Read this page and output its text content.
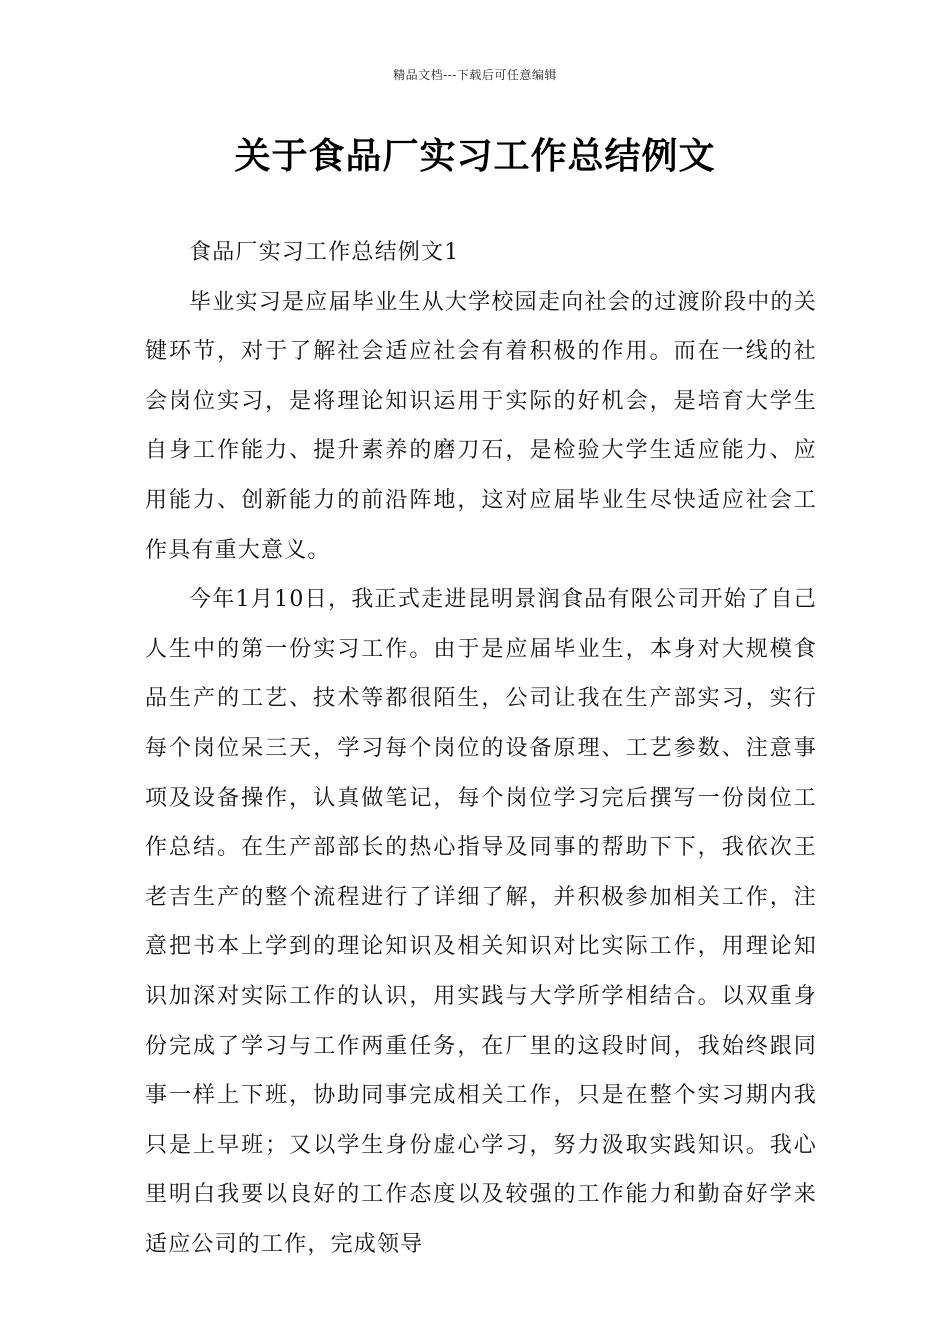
精品文档---下载后可任意编辑
关于食品厂实习工作总结例文

食品厂实习工作总结例文1

毕业实习是应届毕业生从大学校园走向社会的过渡阶段中的关键环节，对于了解社会适应社会有着积极的作用。而在一线的社会岗位实习，是将理论知识运用于实际的好机会，是培育大学生自身工作能力、提升素养的磨刀石，是检验大学生适应能力、应用能力、创新能力的前沿阵地，这对应届毕业生尽快适应社会工作具有重大意义。

今年1月10日，我正式走进昆明景润食品有限公司开始了自己人生中的第一份实习工作。由于是应届毕业生，本身对大规模食品生产的工艺、技术等都很陌生，公司让我在生产部实习，实行每个岗位呆三天，学习每个岗位的设备原理、工艺参数、注意事项及设备操作，认真做笔记，每个岗位学习完后撰写一份岗位工作总结。在生产部部长的热心指导及同事的帮助下下，我依次王老吉生产的整个流程进行了详细了解，并积极参加相关工作，注意把书本上学到的理论知识及相关知识对比实际工作，用理论知识加深对实际工作的认识，用实践与大学所学相结合。以双重身份完成了学习与工作两重任务，在厂里的这段时间，我始终跟同事一样上下班，协助同事完成相关工作，只是在整个实习期内我只是上早班；又以学生身份虚心学习，努力汲取实践知识。我心里明白我要以良好的工作态度以及较强的工作能力和勤奋好学来适应公司的工作，完成领导
